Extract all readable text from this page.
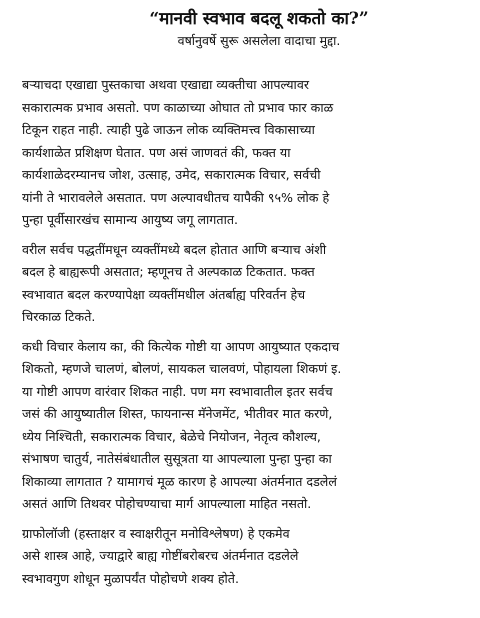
“मानवी स्वभाव बदलू शकतो का?”
वर्षानुवर्षे सुरू असलेला वादाचा मुद्दा.
बऱ्याचदा एखाद्या पुस्तकाचा अथवा एखाद्या व्यक्तीचा आपल्यावर
सकारात्मक प्रभाव असतो. पण काळाच्या ओघात तो प्रभाव फार काळ
टिकून राहत नाही. त्याही पुढे जाऊन लोक व्यक्तिमत्त्व विकासाच्या
कार्यशाळेत प्रशिक्षण घेतात. पण असं जाणवतं की, फक्त या
कार्यशाळेदरम्यानच जोश, उत्साह, उमेद, सकारात्मक विचार, सर्वची
यांनी ते भारावलेले असतात. पण अल्पावधीतच यापैकी ९५% लोक हे
पुन्हा पूर्वीसारखंच सामान्य आयुष्य जगू लागतात.
वरील सर्वच पद्धतींमधून व्यक्तींमध्ये बदल होतात आणि बऱ्याच अंशी
बदल हे बाह्यरूपी असतात; म्हणूनच ते अल्पकाळ टिकतात. फक्त
स्वभावात बदल करण्यापेक्षा व्यक्तींमधील अंतर्बाह्य परिवर्तन हेच
चिरकाळ टिकते.
कधी विचार केलाय का, की कित्येक गोष्टी या आपण आयुष्यात एकदाच
शिकतो, म्हणजे चालणं, बोलणं, सायकल चालवणं, पोहायला शिकणं इ.
या गोष्टी आपण वारंवार शिकत नाही. पण मग स्वभावातील इतर सर्वच
जसं की आयुष्यातील शिस्त, फायनान्स मॅनेजमेंट, भीतीवर मात करणे,
ध्येय निश्चिती, सकारात्मक विचार, बेळेचे नियोजन, नेतृत्व कौशल्य,
संभाषण चातुर्य, नातेसंबंधातील सुसूत्रता या आपल्याला पुन्हा पुन्हा का
शिकाव्या लागतात ? यामागचं मूळ कारण हे आपल्या अंतर्मनात दडलेलं
असतं आणि तिथवर पोहोचण्याचा मार्ग आपल्याला माहित नसतो.
ग्राफोलॉजी (हस्ताक्षर व स्वाक्षरीतून मनोविश्लेषण) हे एकमेव
असे शास्त्र आहे, ज्याद्वारे बाह्य गोष्टींबरोबरच अंतर्मनात दडलेले
स्वभावगुण शोधून मुळापर्यंत पोहोचणे शक्य होते.
